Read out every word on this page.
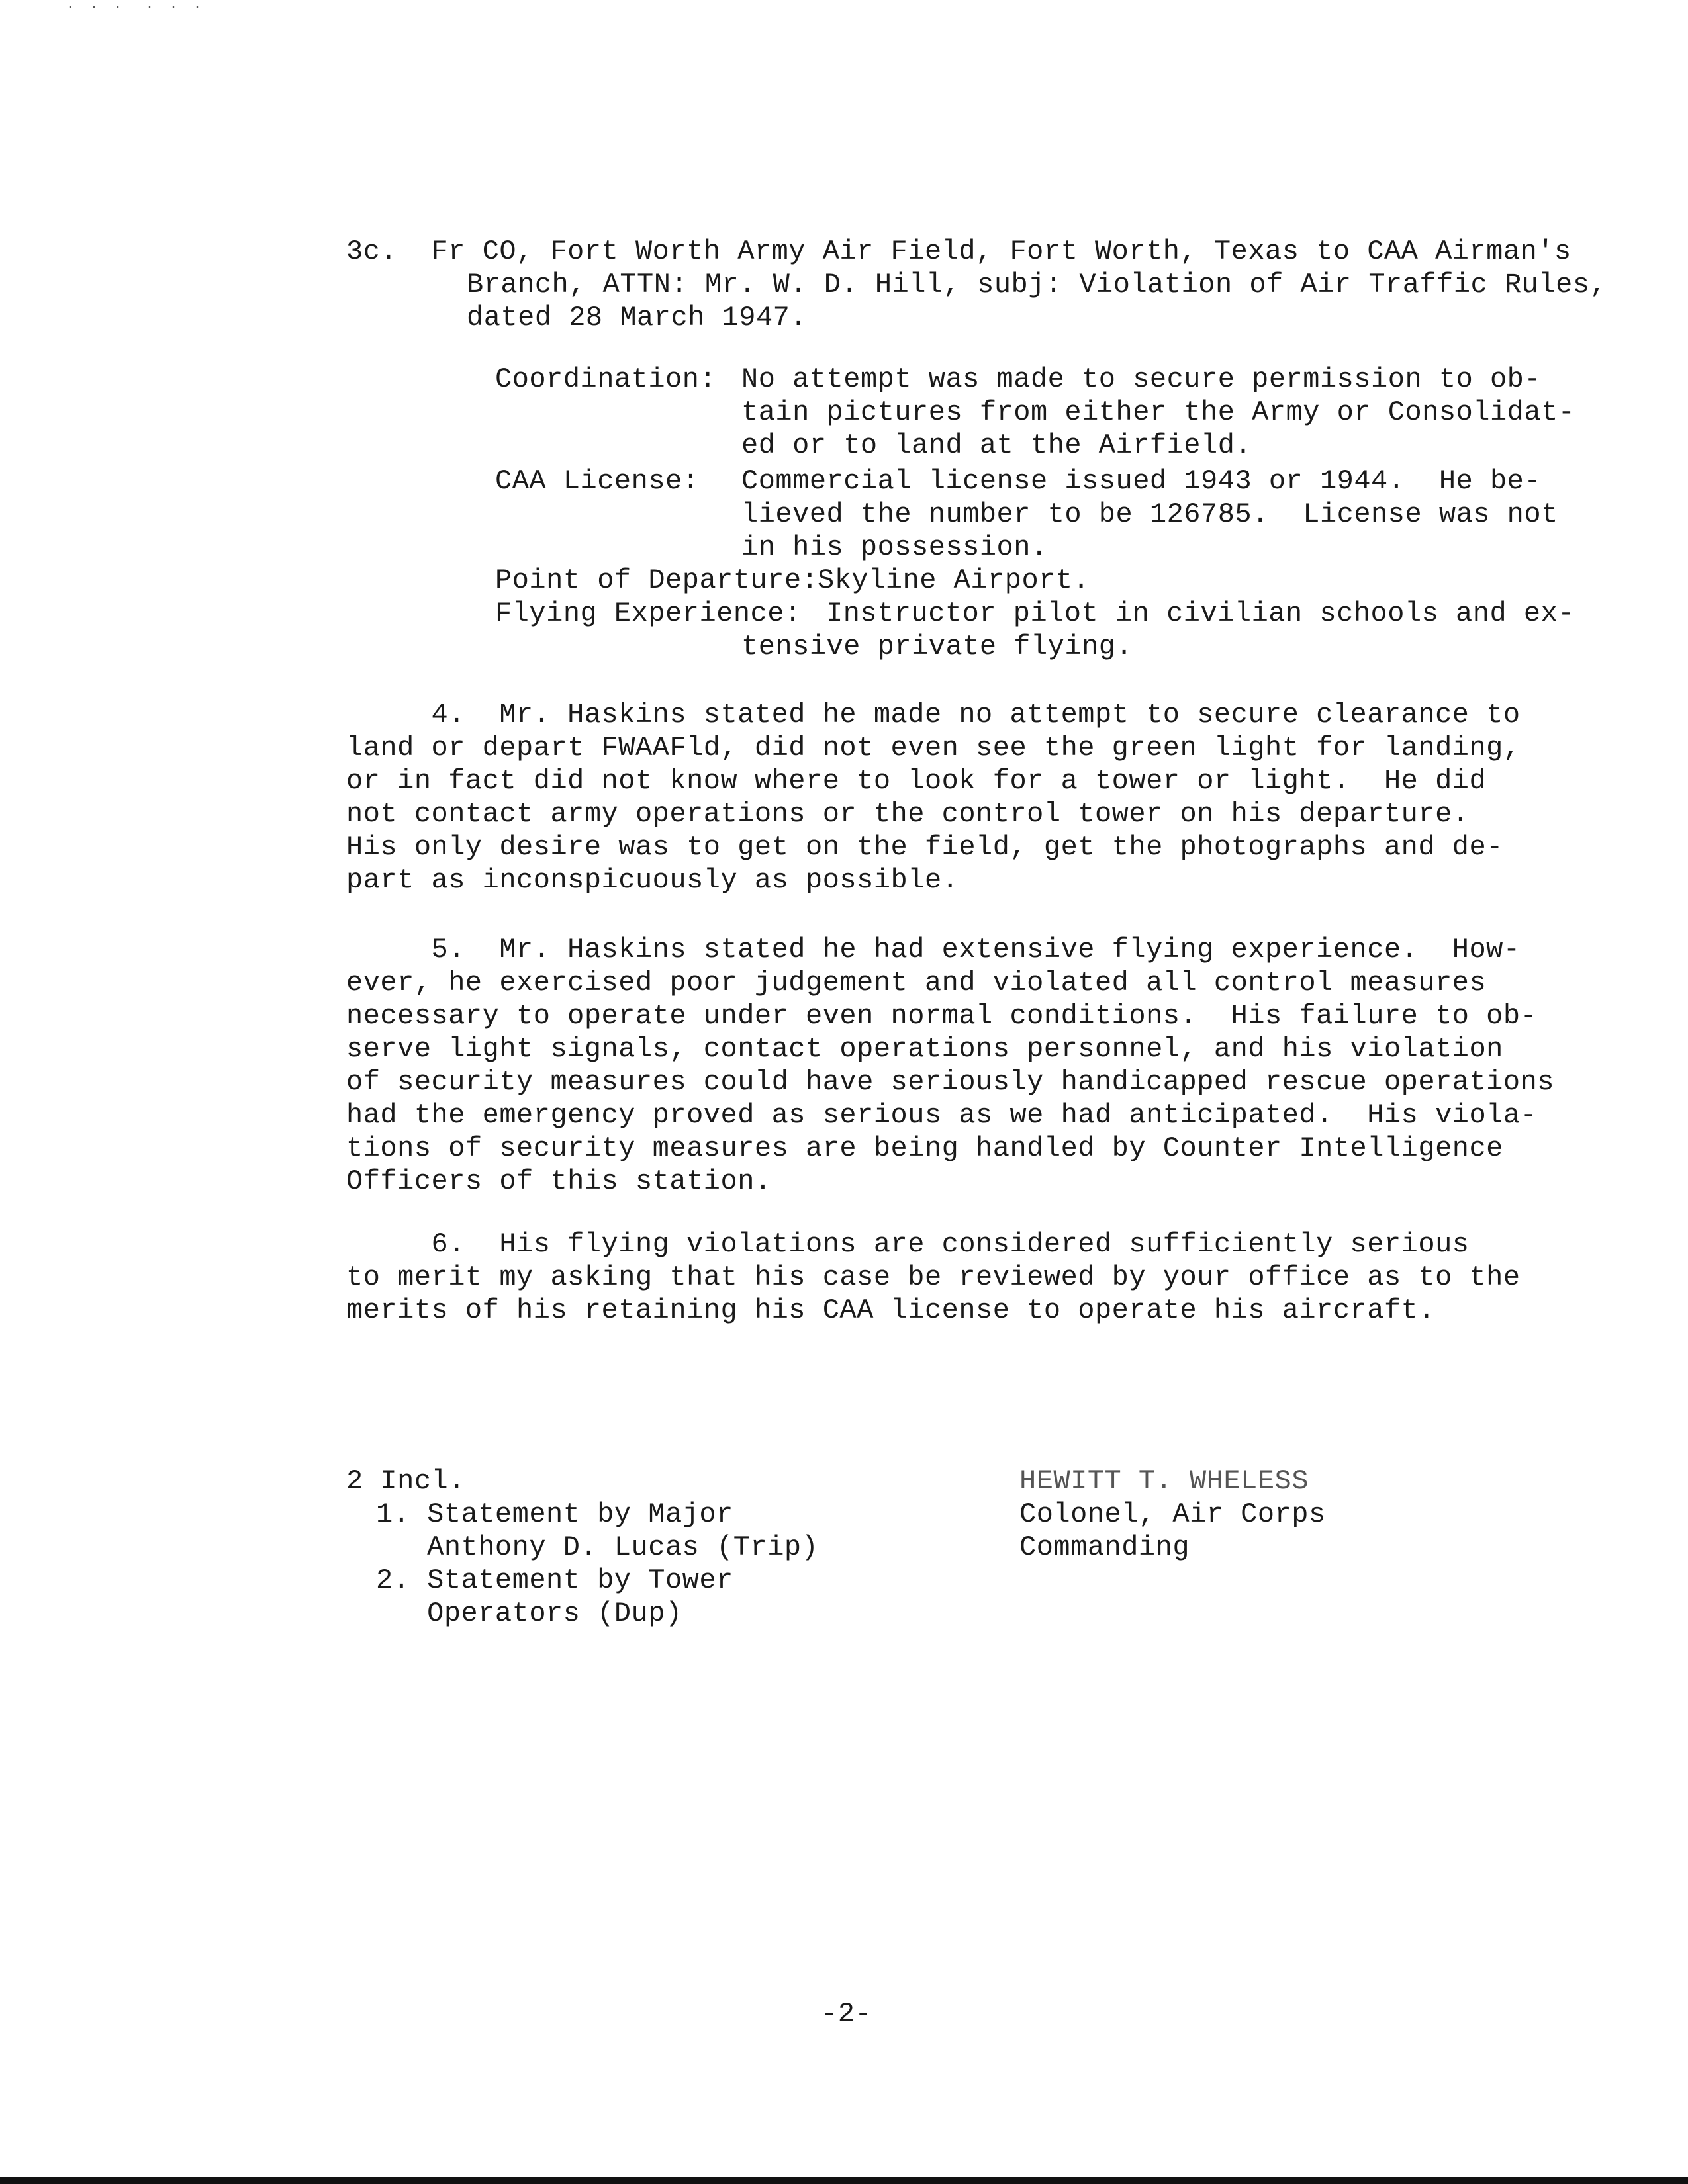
·  ·  ·   ·  ·  ·
3c.  Fr CO, Fort Worth Army Air Field, Fort Worth, Texas to CAA Airman's
Branch, ATTN: Mr. W. D. Hill, subj: Violation of Air Traffic Rules,
dated 28 March 1947.
Coordination: No attempt was made to secure permission to ob-
tain pictures from either the Army or Consolidat-
ed or to land at the Airfield.
CAA License: Commercial license issued 1943 or 1944.  He be-
lieved the number to be 126785.  License was not
in his possession.
Point of Departure:
Skyline Airport.
Flying Experience: Instructor pilot in civilian schools and ex-
tensive private flying.
4.  Mr. Haskins stated he made no attempt to secure clearance to
land or depart FWAAFld, did not even see the green light for landing,
or in fact did not know where to look for a tower or light.  He did
not contact army operations or the control tower on his departure.
His only desire was to get on the field, get the photographs and de-
part as inconspicuously as possible.
5.  Mr. Haskins stated he had extensive flying experience.  How-
ever, he exercised poor judgement and violated all control measures
necessary to operate under even normal conditions.  His failure to ob-
serve light signals, contact operations personnel, and his violation
of security measures could have seriously handicapped rescue operations
had the emergency proved as serious as we had anticipated.  His viola-
tions of security measures are being handled by Counter Intelligence
Officers of this station.
6.  His flying violations are considered sufficiently serious
to merit my asking that his case be reviewed by your office as to the
merits of his retaining his CAA license to operate his aircraft.
2 Incl.
1. Statement by Major
Anthony D. Lucas (Trip)
2. Statement by Tower
Operators (Dup)
HEWITT T. WHELESS
Colonel, Air Corps
Commanding
-2-
